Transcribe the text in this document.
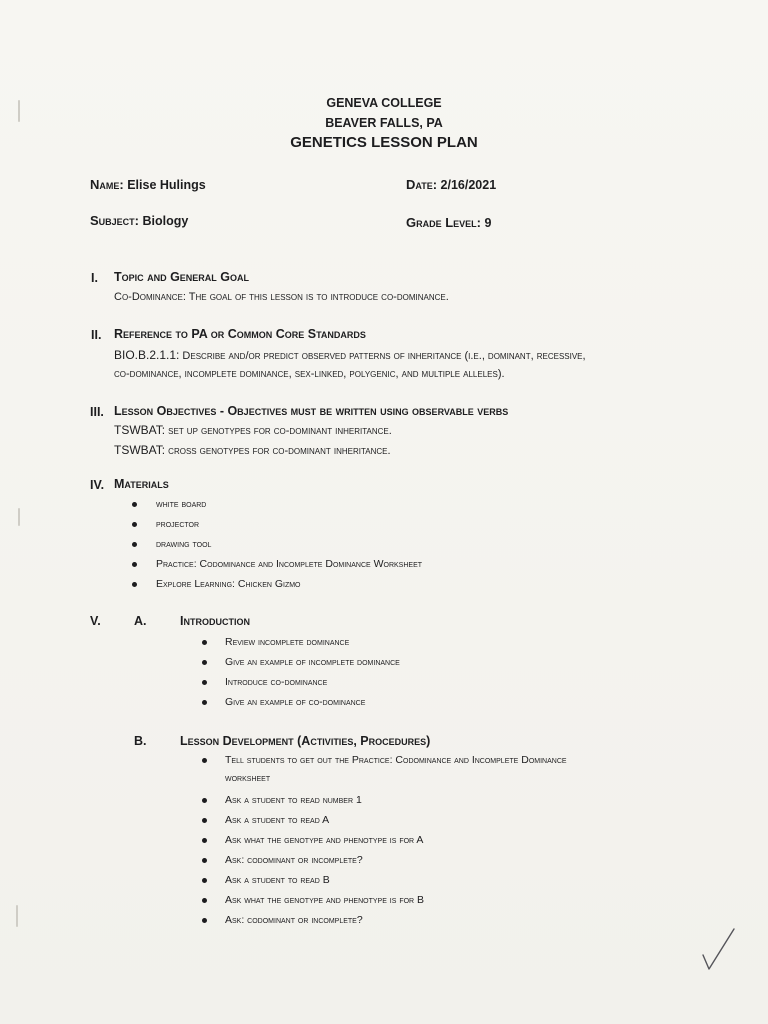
GENEVA COLLEGE
BEAVER FALLS, PA
GENETICS LESSON PLAN
Name: Elise Hulings	Date: 2/16/2021
Subject: Biology	Grade Level: 9
I. Topic and General Goal
Co-Dominance: The goal of this lesson is to introduce co-dominance.
II. Reference to PA or Common Core Standards
BIO.B.2.1.1: Describe and/or predict observed patterns of inheritance (i.e., dominant, recessive,
co-dominance, incomplete dominance, sex-linked, polygenic, and multiple alleles).
III. Lesson Objectives - Objectives must be written using observable verbs
TSWBAT: set up genotypes for co-dominant inheritance.
TSWBAT: cross genotypes for co-dominant inheritance.
IV. Materials
white board
projector
drawing tool
Practice: Codominance and Incomplete Dominance Worksheet
Explore Learning: Chicken Gizmo
V.	A.	Introduction
Review incomplete dominance
Give an example of incomplete dominance
Introduce co-dominance
Give an example of co-dominance
B.	Lesson Development (Activities, Procedures)
Tell students to get out the Practice: Codominance and Incomplete Dominance
worksheet
Ask a student to read number 1
Ask a student to read A
Ask what the genotype and phenotype is for A
Ask: codominant or incomplete?
Ask a student to read B
Ask what the genotype and phenotype is for B
Ask: codominant or incomplete?
